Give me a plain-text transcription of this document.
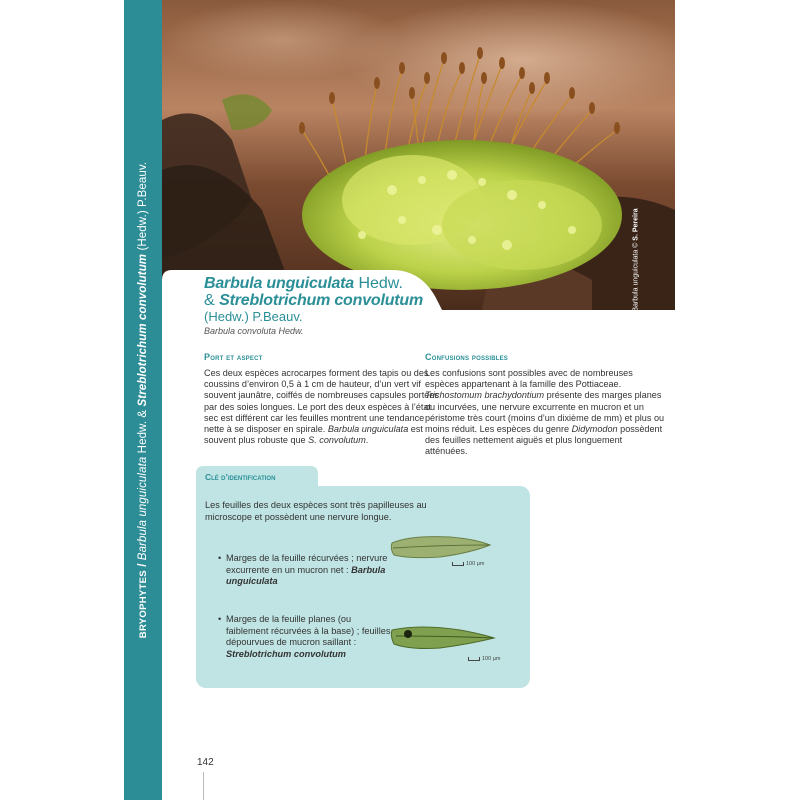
BRYOPHYTES / Barbula unguiculata Hedw. & Streblotrichum convolutum (Hedw.) P.Beauv.
Barbula unguiculata © S. Pereira
Barbula unguiculata Hedw.
& Streblotrichum convolutum
(Hedw.) P.Beauv.
Barbula convoluta Hedw.
Port et aspect

Ces deux espèces acrocarpes forment des tapis ou des coussins d’environ 0,5 à 1 cm de hauteur, d’un vert vif souvent jaunâtre, coiffés de nombreuses capsules portées par des soies longues. Le port des deux espèces à l’état sec est différent car les feuilles montrent une tendance nette à se disposer en spirale. Barbula unguiculata est souvent plus robuste que S. convolutum.

Confusions possibles

Les confusions sont possibles avec de nombreuses espèces appartenant à la famille des Pottiaceae. Trichostomum brachydontium présente des marges planes ou incurvées, une nervure excurrente en mucron et un péristome très court (moins d’un dixième de mm) et plus ou moins réduit. Les espèces du genre Didymodon possèdent des feuilles nettement aiguës et plus longuement atténuées.

Clé d’identification

Les feuilles des deux espèces sont très papilleuses au microscope et possèdent une nervure longue.

• Marges de la feuille récurvées ; nervure excurrente en un mucron net : Barbula unguiculata
100 µm
• Marges de la feuille planes (ou faiblement récurvées à la base) ; feuilles dépourvues de mucron saillant : Streblotrichum convolutum
100 µm
142
